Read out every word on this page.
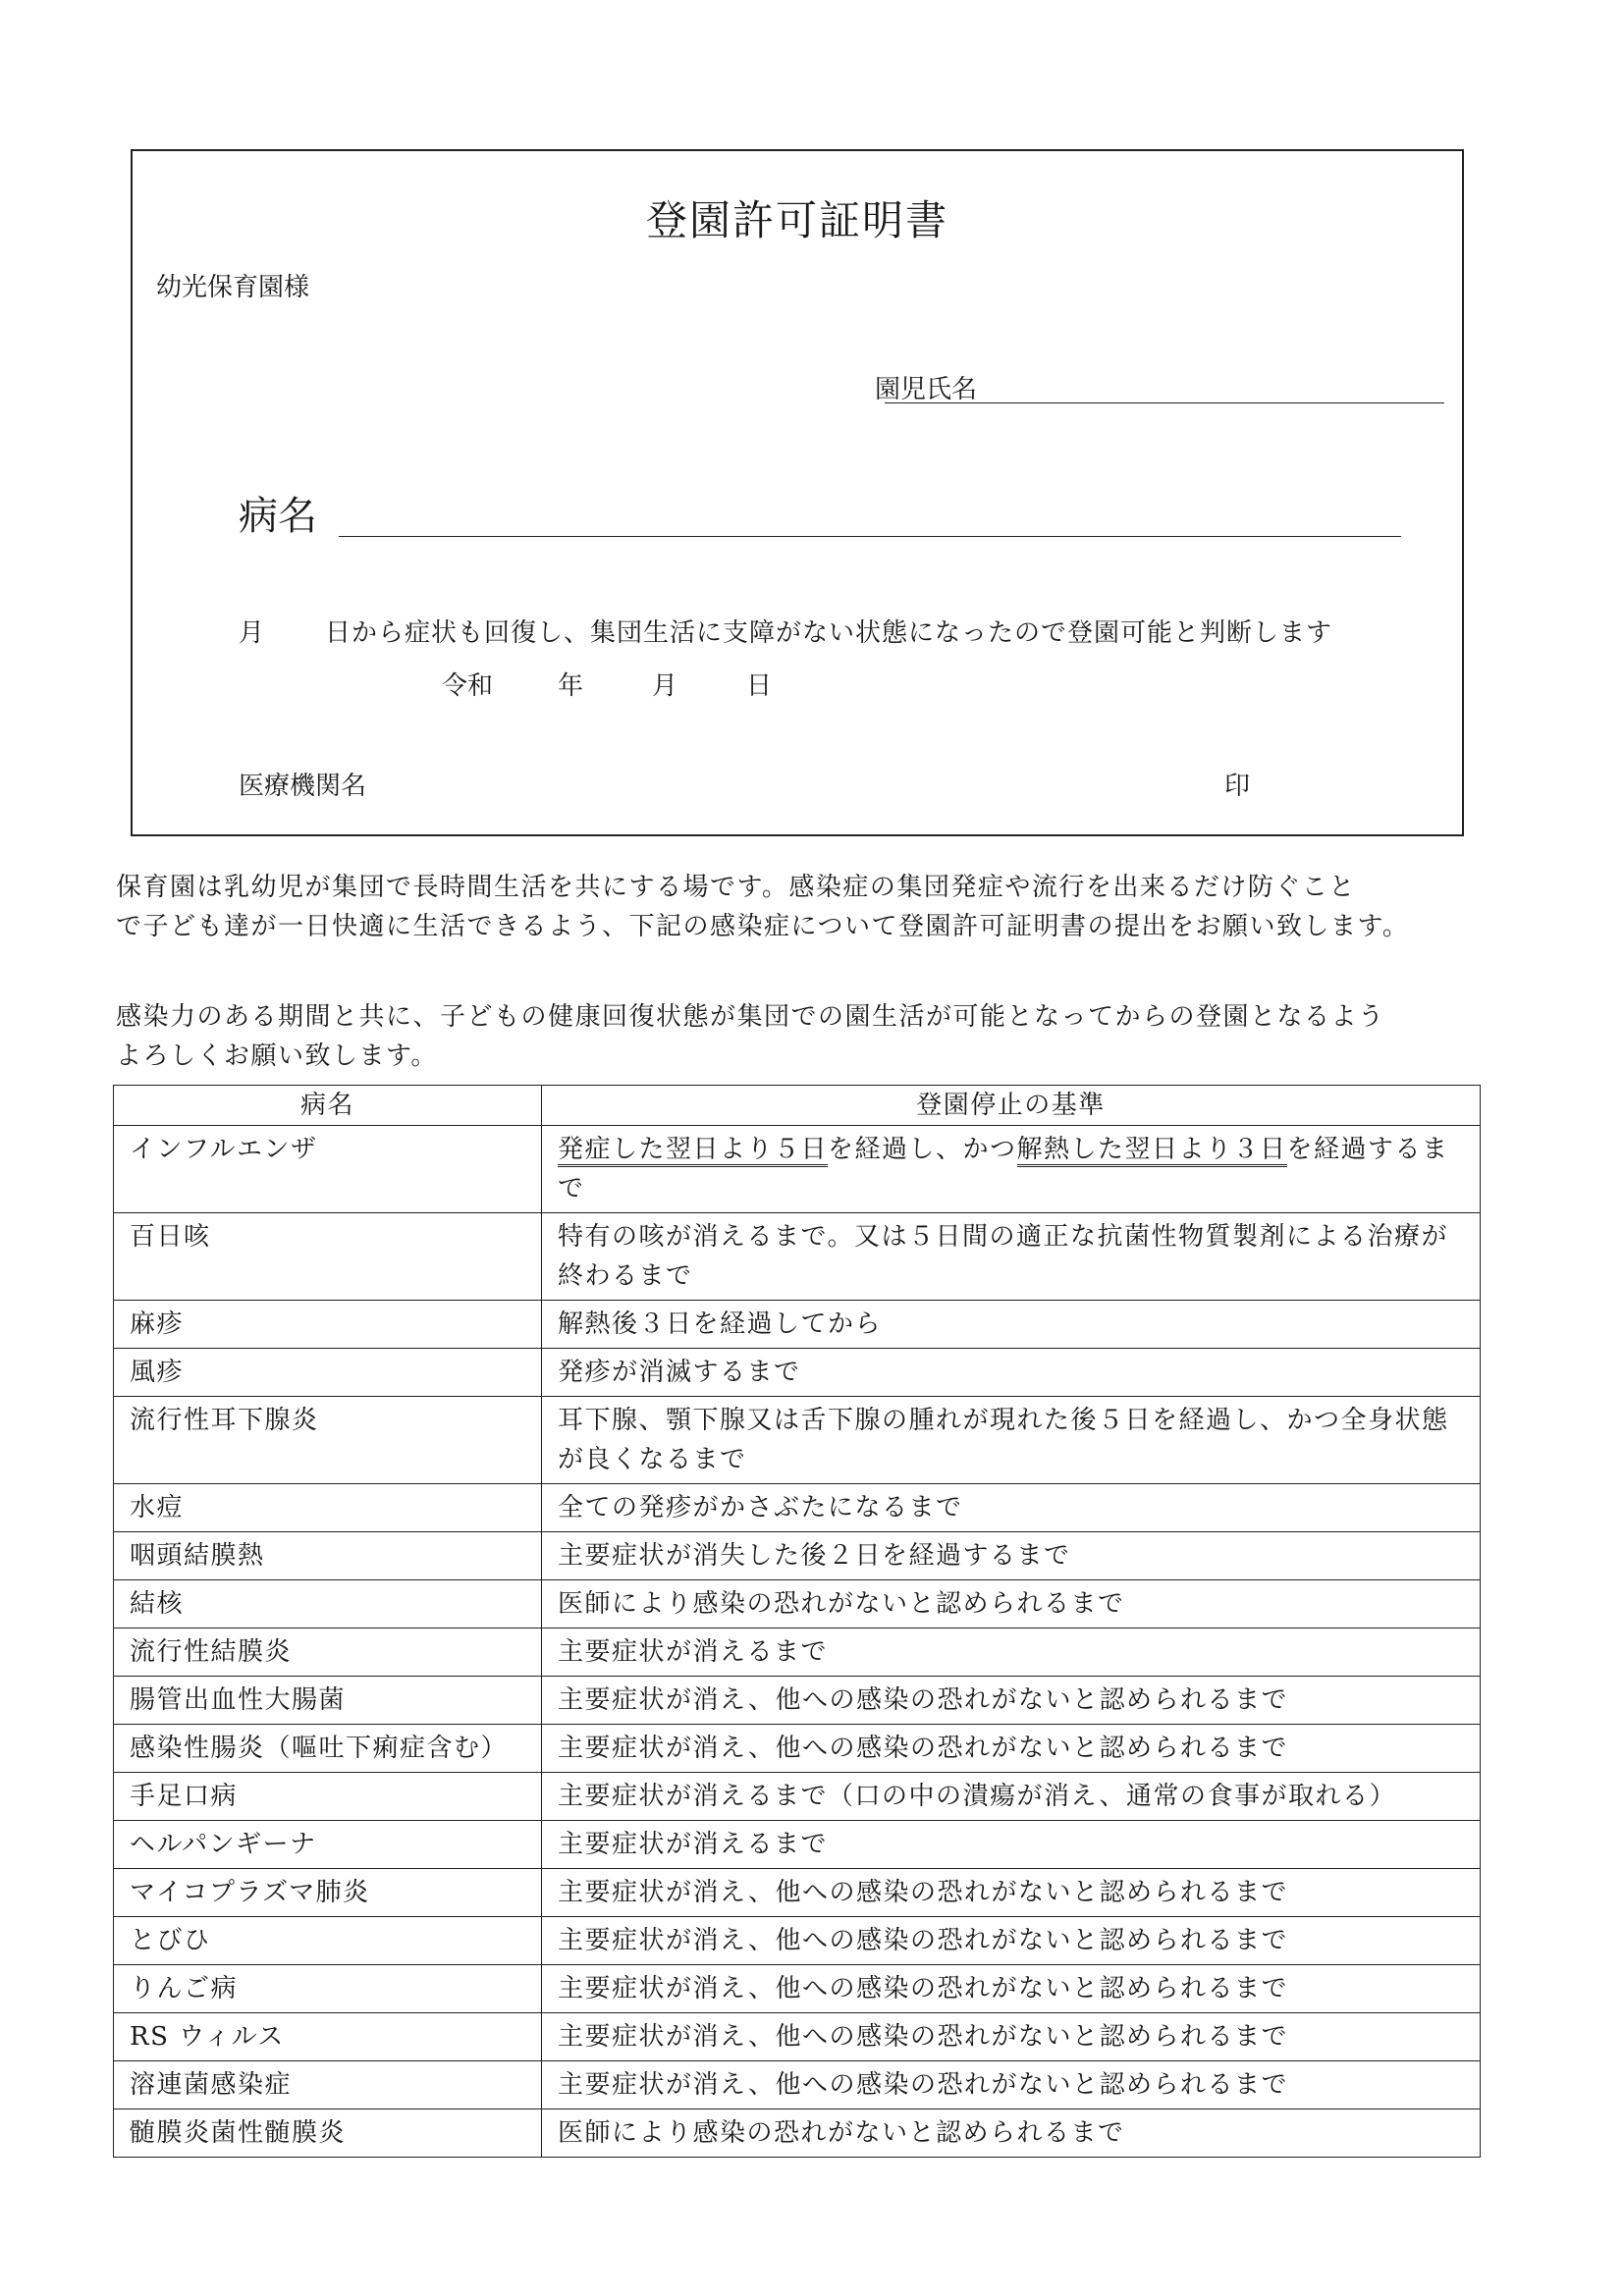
登園許可証明書
幼光保育園様
園児氏名
病名
月 日から症状も回復し、集団生活に支障がない状態になったので登園可能と判断します
令和	年	月	日
医療機関名	印

保育園は乳幼児が集団で長時間生活を共にする場です。感染症の集団発症や流行を出来るだけ防ぐこと

で子ども達が一日快適に生活できるよう、下記の感染症について登園許可証明書の提出をお願い致します。

感染力のある期間と共に、子どもの健康回復状態が集団での園生活が可能となってからの登園となるよう

よろしくお願い致します。

病名	登園停止の基準
インフルエンザ	発症した翌日より５日を経過し、かつ解熱した翌日より３日を経過するまで
百日咳	特有の咳が消えるまで。又は５日間の適正な抗菌性物質製剤による治療が終わるまで
麻疹	解熱後３日を経過してから
風疹	発疹が消滅するまで
流行性耳下腺炎	耳下腺、顎下腺又は舌下腺の腫れが現れた後５日を経過し、かつ全身状態が良くなるまで
水痘	全ての発疹がかさぶたになるまで
咽頭結膜熱	主要症状が消失した後２日を経過するまで
結核	医師により感染の恐れがないと認められるまで
流行性結膜炎	主要症状が消えるまで
腸管出血性大腸菌	主要症状が消え、他への感染の恐れがないと認められるまで
感染性腸炎（嘔吐下痢症含む）	主要症状が消え、他への感染の恐れがないと認められるまで
手足口病	主要症状が消えるまで（口の中の潰瘍が消え、通常の食事が取れる）
ヘルパンギーナ	主要症状が消えるまで
マイコプラズマ肺炎	主要症状が消え、他への感染の恐れがないと認められるまで
とびひ	主要症状が消え、他への感染の恐れがないと認められるまで
りんご病	主要症状が消え、他への感染の恐れがないと認められるまで
RS ウィルス	主要症状が消え、他への感染の恐れがないと認められるまで
溶連菌感染症	主要症状が消え、他への感染の恐れがないと認められるまで
髄膜炎菌性髄膜炎	医師により感染の恐れがないと認められるまで
